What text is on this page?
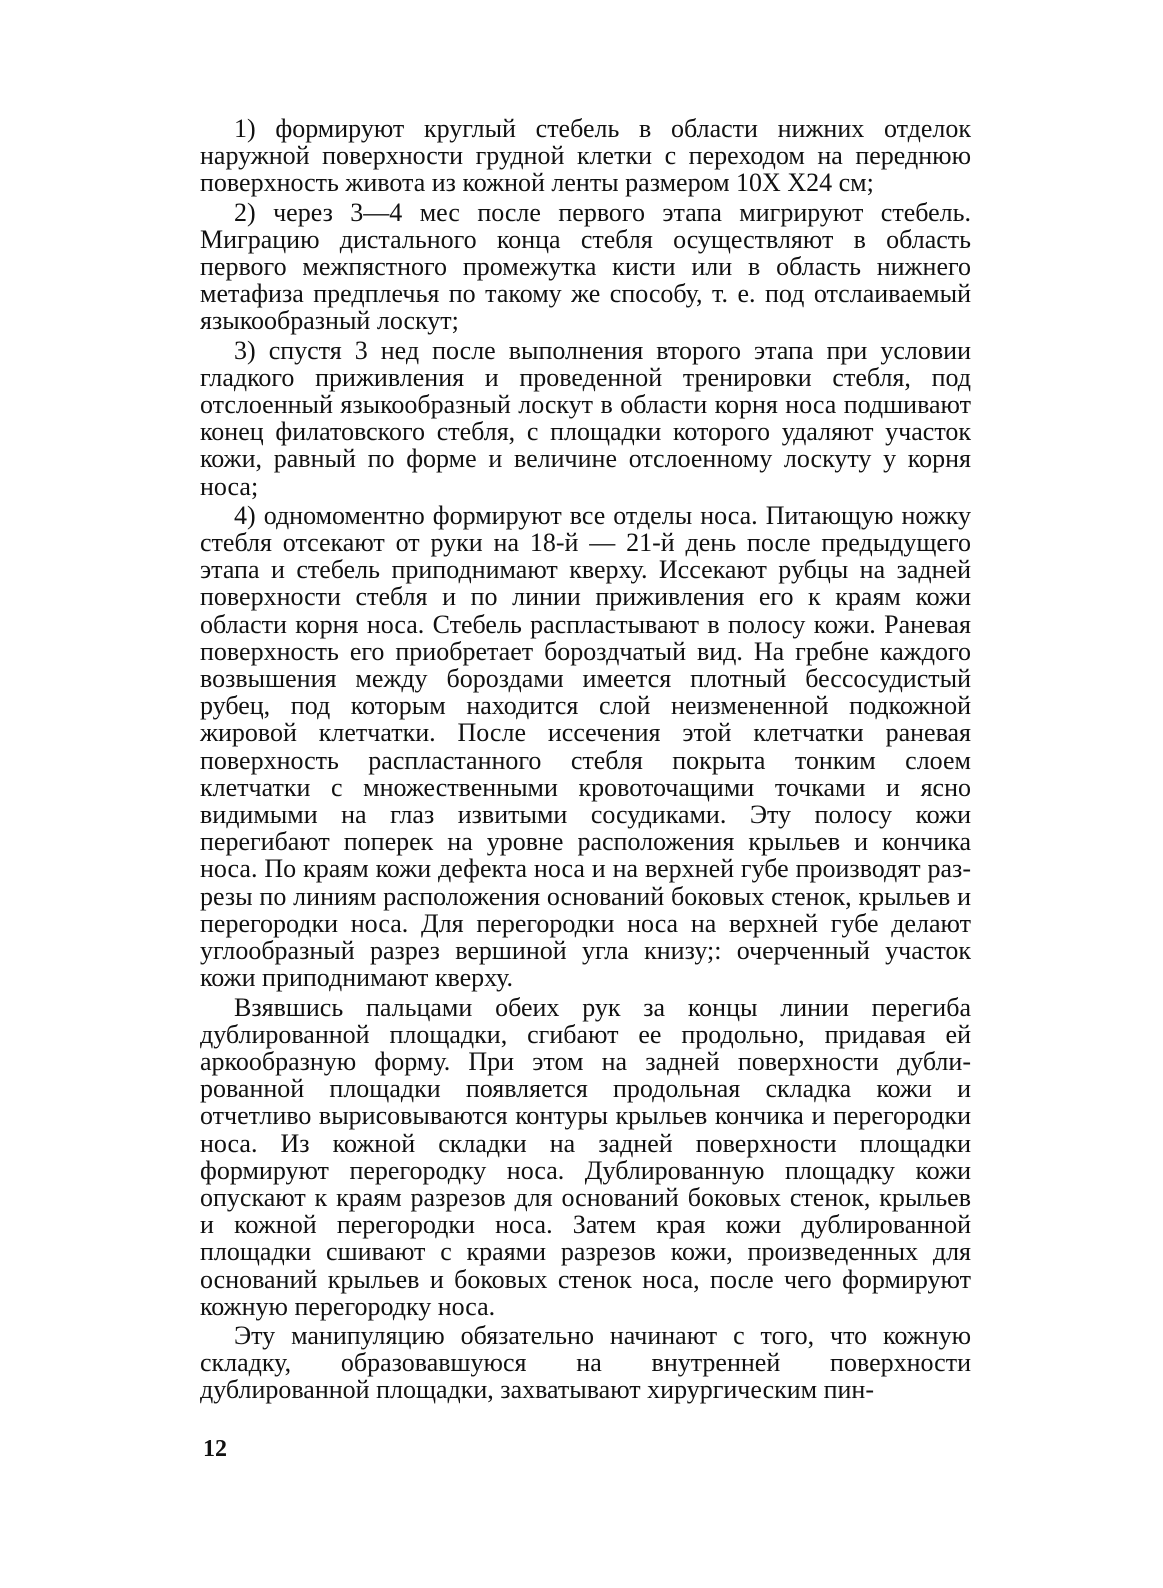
1) формируют круглый стебель в области нижних отделок наружной поверхности грудной клетки с переходом на переднюю поверхность живота из кожной ленты размером 10Х Х24 см;

2) через 3—4 мес после первого этапа мигрируют стебель. Миграцию дистального конца стебля осуществляют в область первого межпястного промежутка кисти или в область нижнего метафиза предплечья по такому же способу, т. е. под отслаиваемый языкообразный лоскут;

3) спустя 3 нед после выполнения второго этапа при условии гладкого приживления и проведенной тренировки стебля, под отслоенный языкообразный лоскут в области корня носа подшивают конец филатовского стебля, с площадки которого удаляют участок кожи, равный по форме и величине отслоенному лоскуту у корня носа;

4) одномоментно формируют все отделы носа. Питающую ножку стебля отсекают от руки на 18-й — 21-й день после предыдущего этапа и стебель приподнимают кверху. Иссекают рубцы на задней поверхности стебля и по линии приживления его к краям кожи области корня носа. Стебель распластывают в полосу кожи. Раневая поверхность его приобретает бороздчатый вид. На гребне каждого возвышения между бороздами имеется плотный бессосудистый рубец, под которым находится слой неизмененной подкожной жировой клетчатки. После иссечения этой клетчатки раневая поверхность распластанного стебля покрыта тонким слоем клетчатки с множественными кровоточащими точками и ясно видимыми на глаз извитыми сосудиками. Эту полосу кожи перегибают поперек на уровне расположения крыльев и кончика носа. По краям кожи дефекта носа и на верхней губе производят разрезы по линиям расположения оснований боковых стенок, крыльев и перегородки носа. Для перегородки носа на верхней губе делают углообразный разрез вершиной угла книзу;: очерченный участок кожи приподнимают кверху.

Взявшись пальцами обеих рук за концы линии перегиба дублированной площадки, сгибают ее продольно, придавая ей аркообразную форму. При этом на задней поверхности дублированной площадки появляется продольная складка кожи и отчетливо вырисовываются контуры крыльев кончика и перегородки носа. Из кожной складки на задней поверхности площадки формируют перегородку носа. Дублированную площадку кожи опускают к краям разрезов для оснований боковых стенок, крыльев и кожной перегородки носа. Затем края кожи дублированной площадки сшивают с краями разрезов кожи, произведенных для оснований крыльев и боковых стенок носа, после чего формируют кожную перегородку носа.

Эту манипуляцию обязательно начинают с того, что кожную складку, образовавшуюся на внутренней поверхности дублированной площадки, захватывают хирургическим пин-

12
